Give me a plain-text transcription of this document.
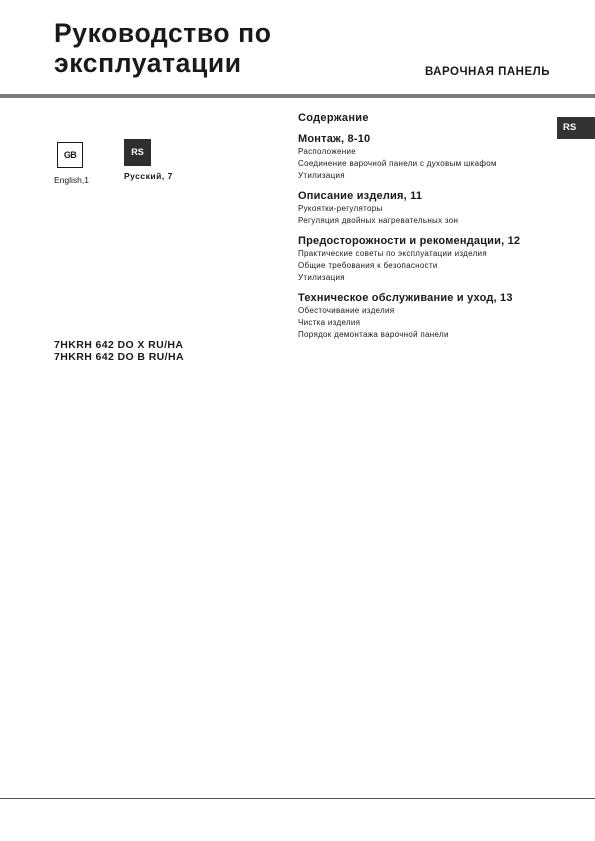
Руководство по
эксплуатации	ВАРОЧНАЯ ПАНЕЛЬ
RS
GB
English,1
RS
Русский, 7
7HKRH 642 DO X RU/HA
7HKRH 642 DO B RU/HA
Содержание
Монтаж, 8-10
Расположение
Соединение варочной панели с духовым шкафом
Утилизация
Описание изделия, 11
Рукоятки-регуляторы
Регуляция двойных нагревательных зон
Предосторожности и рекомендации, 12
Практические советы по эксплуатации изделия
Общие требования к безопасности
Утилизация
Техническое обслуживание и уход, 13
Обесточивание изделия
Чистка изделия
Порядок демонтажа варочной панели
